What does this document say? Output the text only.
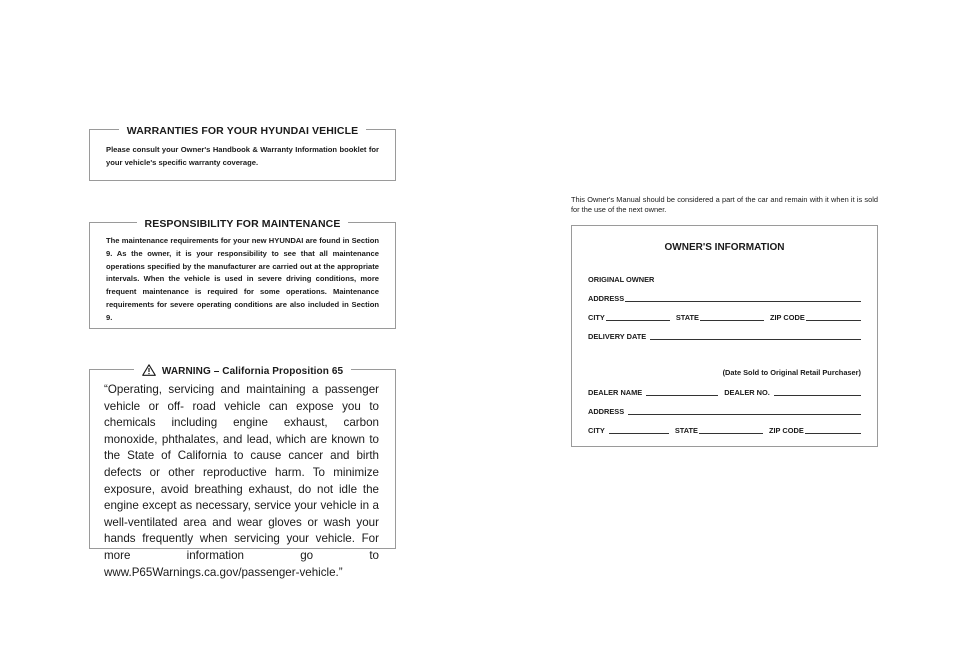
WARRANTIES FOR YOUR HYUNDAI VEHICLE
Please consult your Owner's Handbook & Warranty Information booklet for your vehicle's specific warranty coverage.
RESPONSIBILITY FOR MAINTENANCE
The maintenance requirements for your new HYUNDAI are found in Section 9. As the owner, it is your responsibility to see that all maintenance operations specified by the manufacturer are carried out at the appropriate intervals. When the vehicle is used in severe driving conditions, more frequent maintenance is required for some operations. Maintenance requirements for severe operating conditions are also included in Section 9.
WARNING – California Proposition 65
“Operating, servicing and maintaining a passenger vehicle or off- road vehicle can expose you to chemicals including engine exhaust, carbon monoxide, phthalates, and lead, which are known to the State of California to cause cancer and birth defects or other reproductive harm. To minimize exposure, avoid breathing exhaust, do not idle the engine except as necessary, service your vehicle in a well-ventilated area and wear gloves or wash your hands frequently when servicing your vehicle. For more information go to www.P65Warnings.ca.gov/passenger-vehicle.”
This Owner's Manual should be considered a part of the car and remain with it when it is sold for the use of the next owner.
OWNER'S INFORMATION
ORIGINAL OWNER
ADDRESS
CITY	STATE	ZIP CODE
DELIVERY DATE
(Date Sold to Original Retail Purchaser)
DEALER NAME	DEALER NO.
ADDRESS
CITY	STATE	ZIP CODE
